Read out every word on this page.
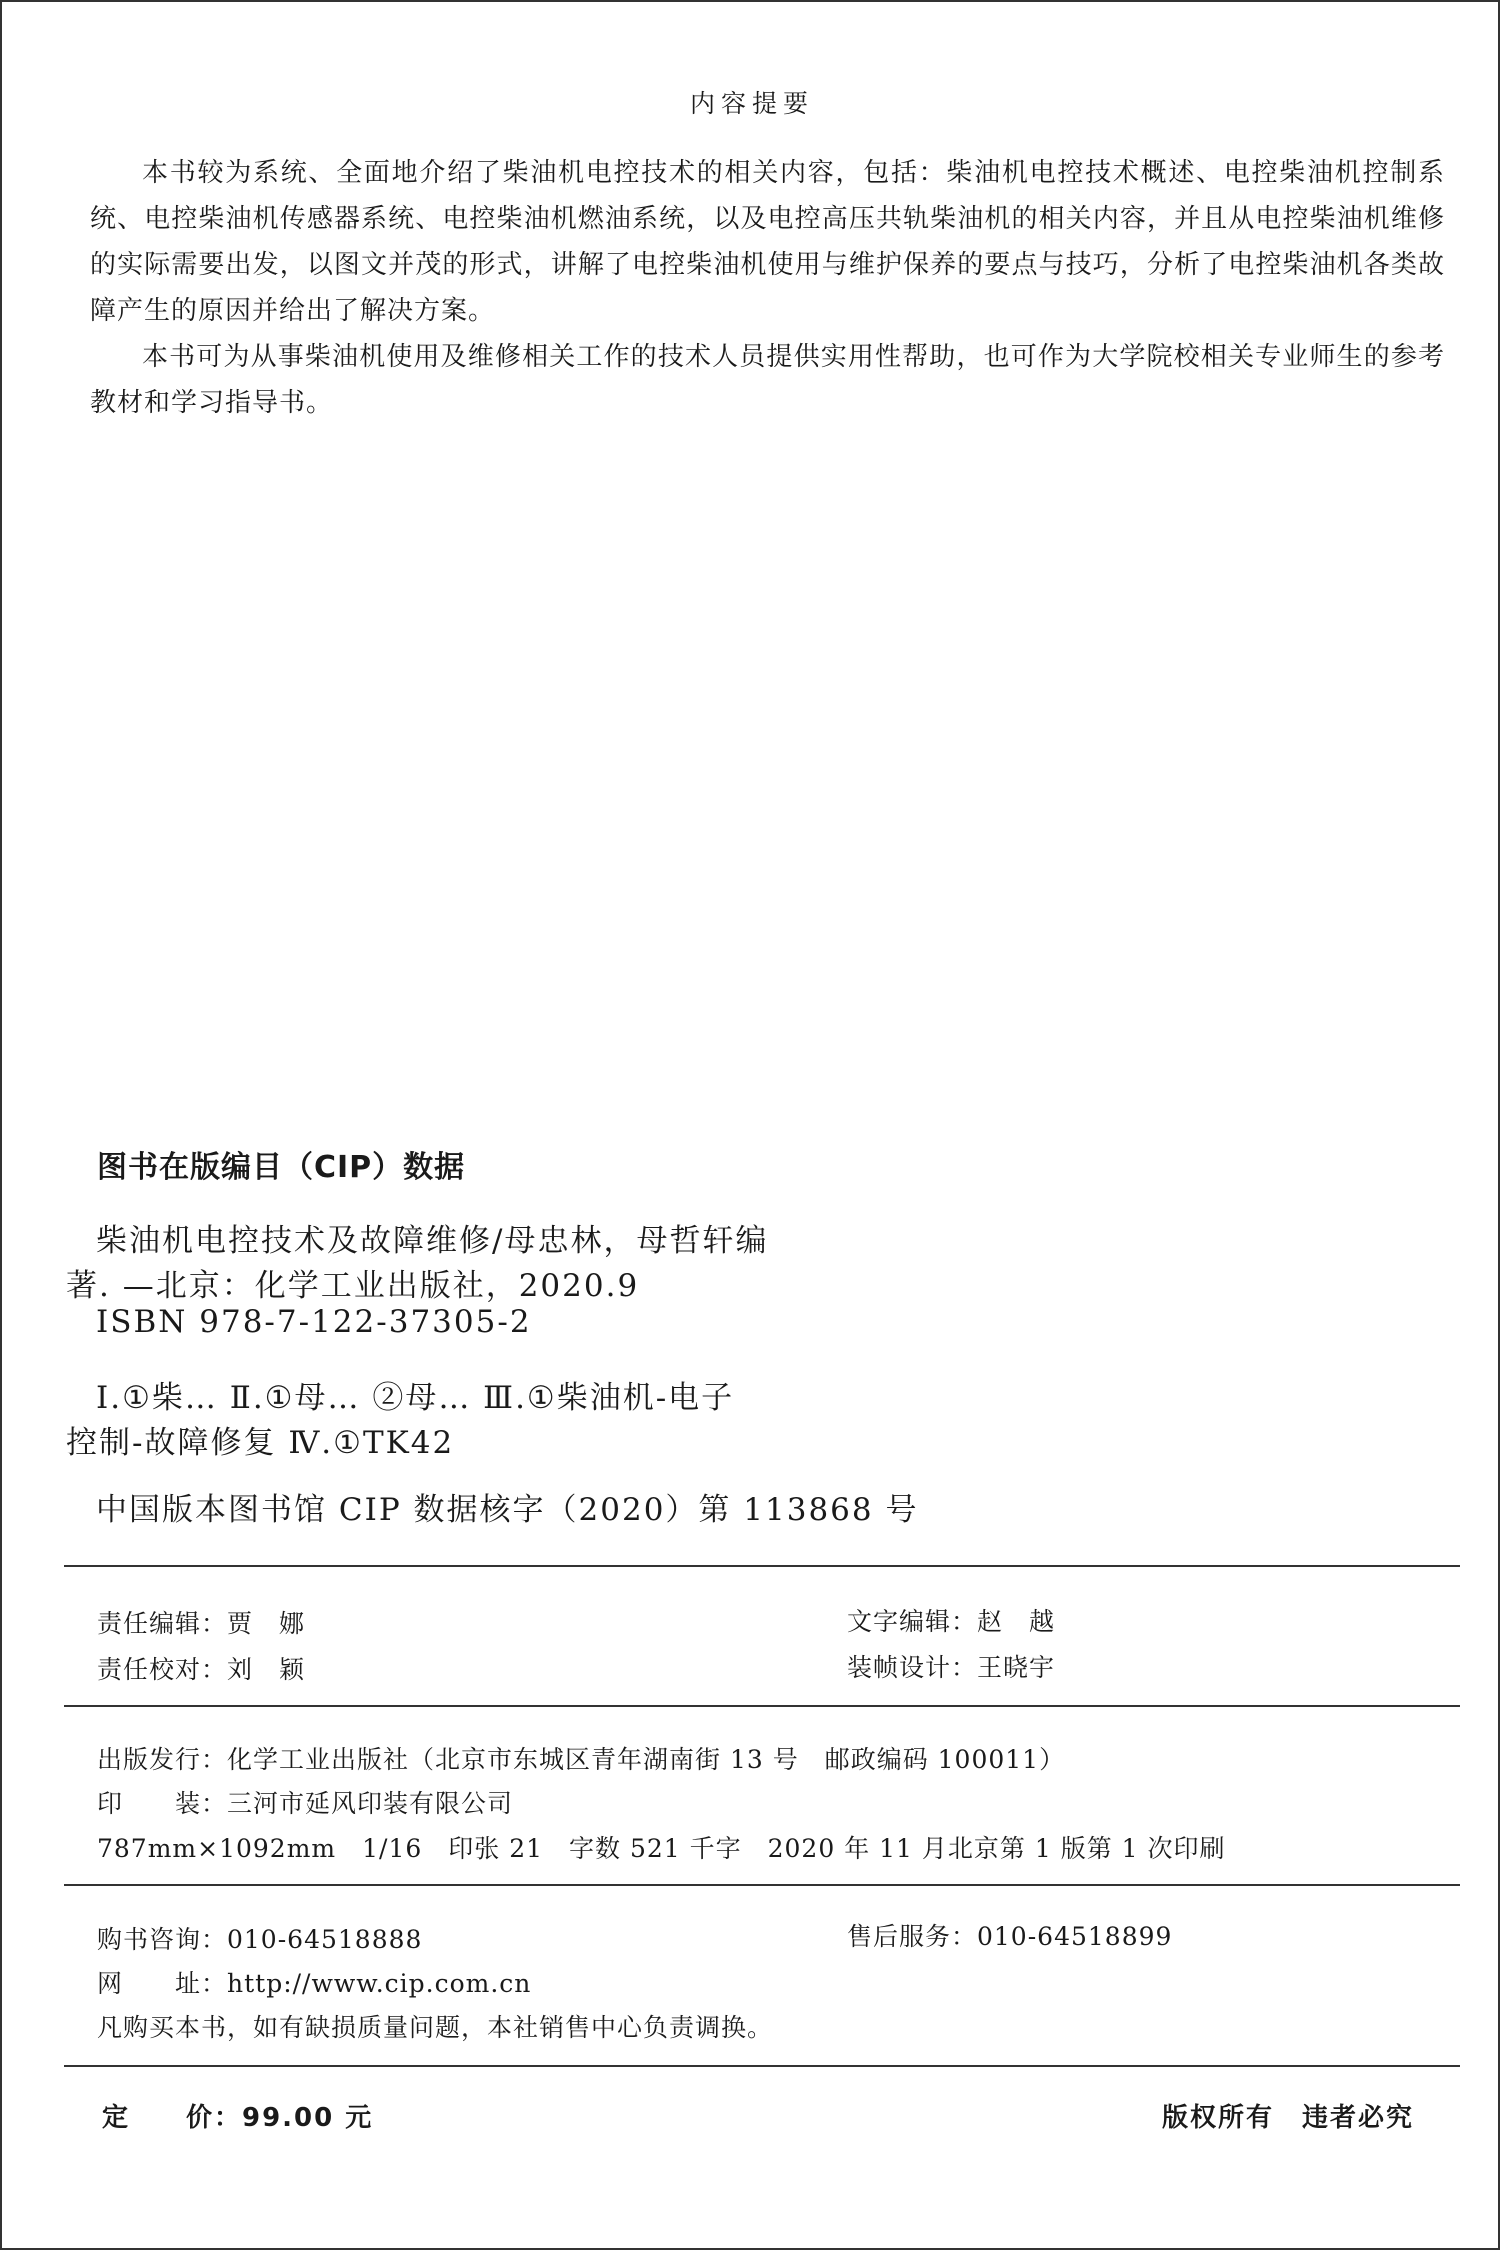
内容提要

本书较为系统、全面地介绍了柴油机电控技术的相关内容，包括：柴油机电控技术概述、电控柴油机控制系统、电控柴油机传感器系统、电控柴油机燃油系统，以及电控高压共轨柴油机的相关内容，并且从电控柴油机维修的实际需要出发，以图文并茂的形式，讲解了电控柴油机使用与维护保养的要点与技巧，分析了电控柴油机各类故障产生的原因并给出了解决方案。

本书可为从事柴油机使用及维修相关工作的技术人员提供实用性帮助，也可作为大学院校相关专业师生的参考教材和学习指导书。

图书在版编目（CIP）数据
柴油机电控技术及故障维修/母忠林，母哲轩编
著. —北京：化学工业出版社，2020.9
ISBN 978-7-122-37305-2
Ⅰ.①柴… Ⅱ.①母… ②母… Ⅲ.①柴油机-电子
控制-故障修复 Ⅳ.①TK42
中国版本图书馆 CIP 数据核字（2020）第 113868 号
责任编辑：贾　娜	文字编辑：赵　越
责任校对：刘　颖	装帧设计：王晓宇
出版发行：化学工业出版社（北京市东城区青年湖南街 13 号　邮政编码 100011）
印　　装：三河市延风印装有限公司
787mm×1092mm　1/16　印张 21　字数 521 千字　2020 年 11 月北京第 1 版第 1 次印刷
购书咨询：010-64518888	售后服务：010-64518899
网　　址：http://www.cip.com.cn
凡购买本书，如有缺损质量问题，本社销售中心负责调换。
定　　价：99.00 元	版权所有　违者必究
